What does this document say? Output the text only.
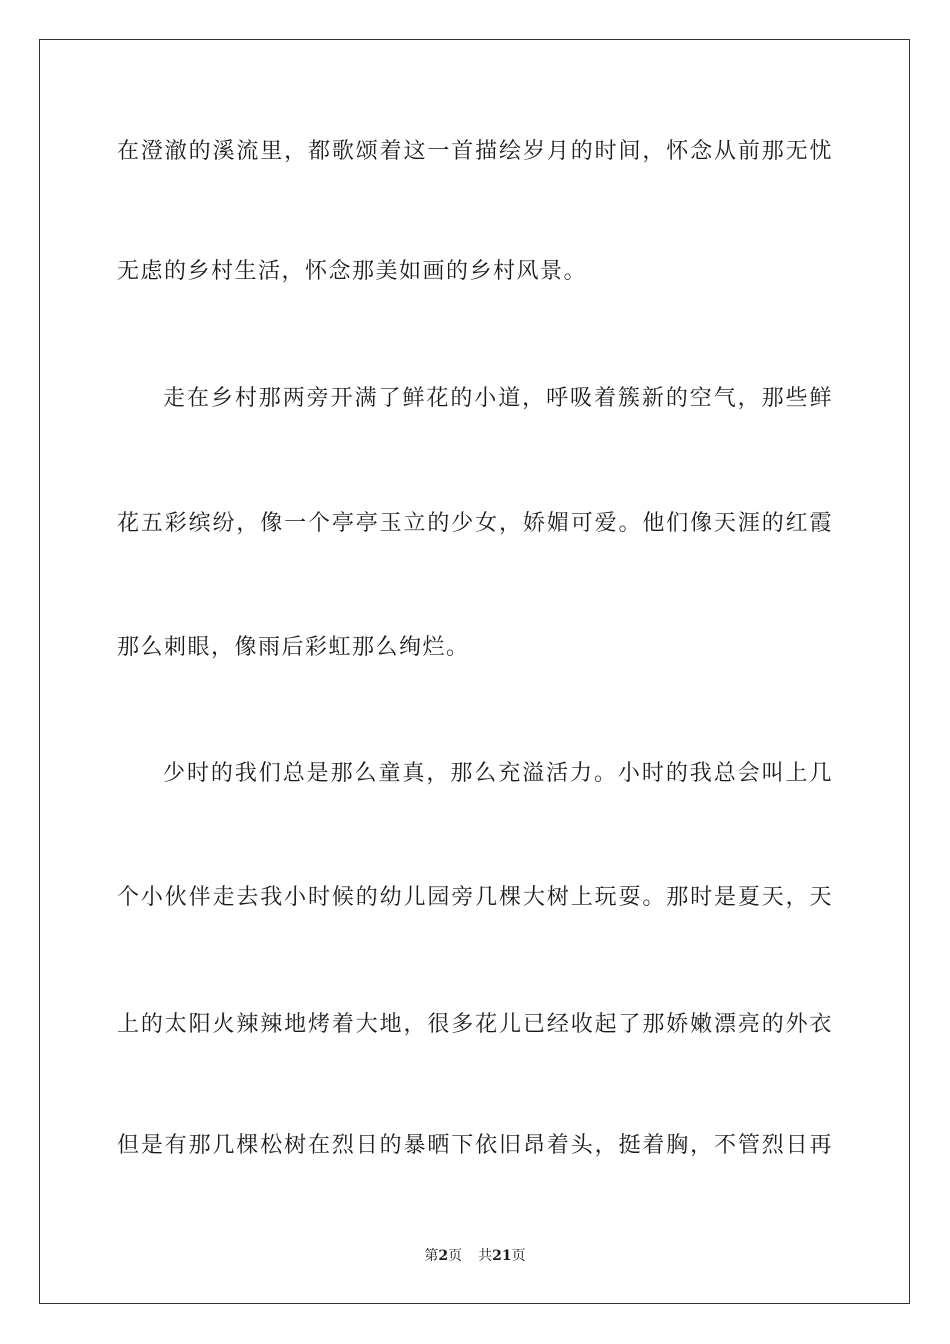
在澄澈的溪流里，都歌颂着这一首描绘岁月的时间，怀念从前那无忧
无虑的乡村生活，怀念那美如画的乡村风景。
走在乡村那两旁开满了鲜花的小道，呼吸着簇新的空气，那些鲜
花五彩缤纷，像一个亭亭玉立的少女，娇媚可爱。他们像天涯的红霞
那么刺眼，像雨后彩虹那么绚烂。
少时的我们总是那么童真，那么充溢活力。小时的我总会叫上几
个小伙伴走去我小时候的幼儿园旁几棵大树上玩耍。那时是夏天，天
上的太阳火辣辣地烤着大地，很多花儿已经收起了那娇嫩漂亮的外衣
但是有那几棵松树在烈日的暴晒下依旧昂着头，挺着胸，不管烈日再
第2页 共21页
